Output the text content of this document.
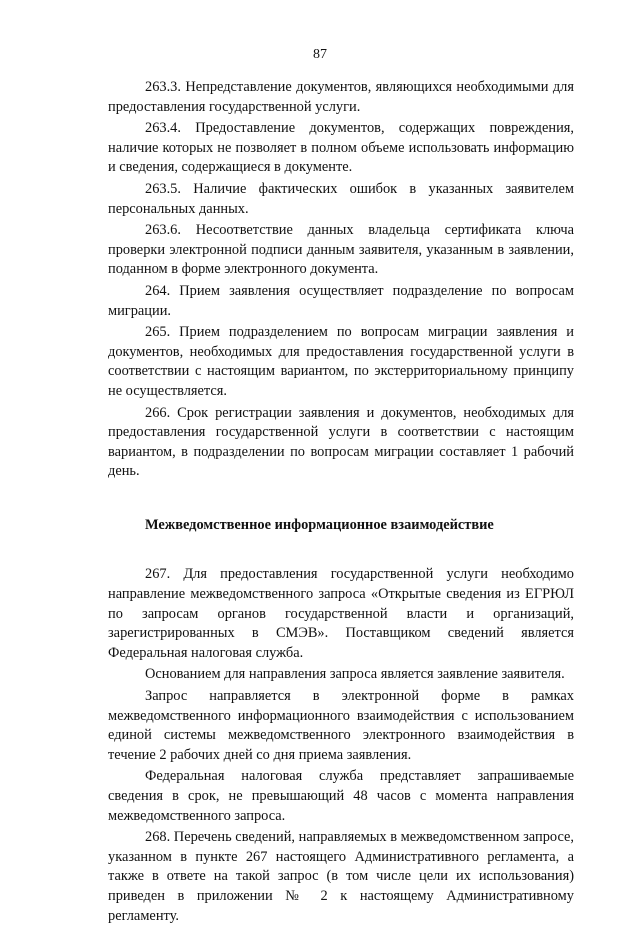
87

263.3. Непредставление документов, являющихся необходимыми для предоставления государственной услуги.

263.4. Предоставление документов, содержащих повреждения, наличие которых не позволяет в полном объеме использовать информацию и сведения, содержащиеся в документе.

263.5. Наличие фактических ошибок в указанных заявителем персональных данных.

263.6. Несоответствие данных владельца сертификата ключа проверки электронной подписи данным заявителя, указанным в заявлении, поданном в форме электронного документа.

264. Прием заявления осуществляет подразделение по вопросам миграции.

265. Прием подразделением по вопросам миграции заявления и документов, необходимых для предоставления государственной услуги в соответствии с настоящим вариантом, по экстерриториальному принципу не осуществляется.

266. Срок регистрации заявления и документов, необходимых для предоставления государственной услуги в соответствии с настоящим вариантом, в подразделении по вопросам миграции составляет 1 рабочий день.

Межведомственное информационное взаимодействие

267. Для предоставления государственной услуги необходимо направление межведомственного запроса «Открытые сведения из ЕГРЮЛ по запросам органов государственной власти и организаций, зарегистрированных в СМЭВ». Поставщиком сведений является Федеральная налоговая служба.

Основанием для направления запроса является заявление заявителя.

Запрос направляется в электронной форме в рамках межведомственного информационного взаимодействия с использованием единой системы межведомственного электронного взаимодействия в течение 2 рабочих дней со дня приема заявления.

Федеральная налоговая служба представляет запрашиваемые сведения в срок, не превышающий 48 часов с момента направления межведомственного запроса.

268. Перечень сведений, направляемых в межведомственном запросе, указанном в пункте 267 настоящего Административного регламента, а также в ответе на такой запрос (в том числе цели их использования) приведен в приложении № 2 к настоящему Административному регламенту.
